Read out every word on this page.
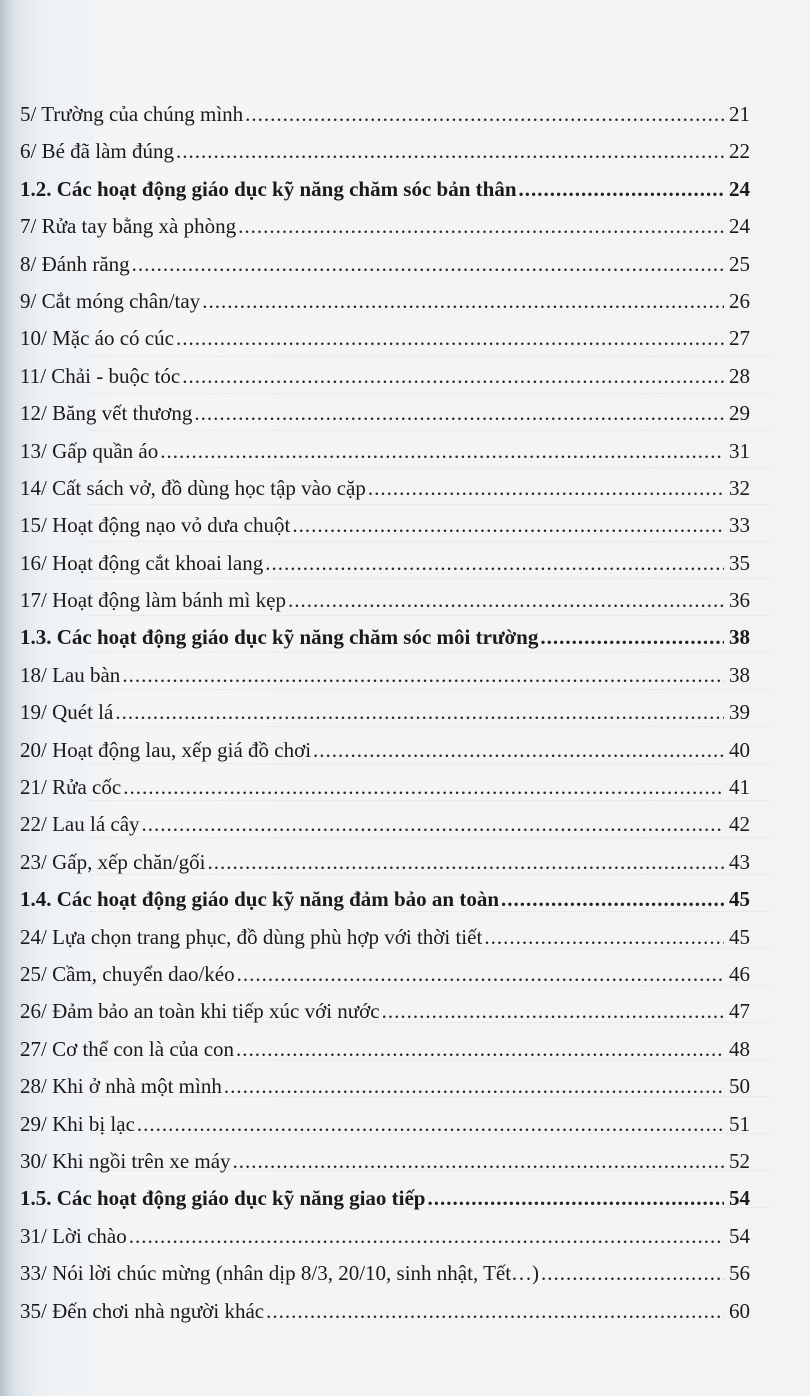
5/ Trường của chúng mình .....	21
6/ Bé đã làm đúng .....	22
1.2. Các hoạt động giáo dục kỹ năng chăm sóc bản thân .....	24
7/ Rửa tay bằng xà phòng .....	24
8/ Đánh răng .....	25
9/ Cắt móng chân/tay .....	26
10/ Mặc áo có cúc .....	27
11/ Chải - buộc tóc .....	28
12/ Băng vết thương .....	29
13/ Gấp quần áo .....	31
14/ Cất sách vở, đồ dùng học tập vào cặp .....	32
15/ Hoạt động nạo vỏ dưa chuột .....	33
16/ Hoạt động cắt khoai lang .....	35
17/ Hoạt động làm bánh mì kẹp .....	36
1.3. Các hoạt động giáo dục kỹ năng chăm sóc môi trường .....	38
18/ Lau bàn .....	38
19/ Quét lá .....	39
20/ Hoạt động lau, xếp giá đồ chơi .....	40
21/ Rửa cốc .....	41
22/ Lau lá cây .....	42
23/ Gấp, xếp chăn/gối .....	43
1.4. Các hoạt động giáo dục kỹ năng đảm bảo an toàn .....	45
24/ Lựa chọn trang phục, đồ dùng phù hợp với thời tiết .....	45
25/ Cầm, chuyển dao/kéo .....	46
26/ Đảm bảo an toàn khi tiếp xúc với nước .....	47
27/ Cơ thể con là của con .....	48
28/ Khi ở nhà một mình .....	50
29/ Khi bị lạc .....	51
30/ Khi ngồi trên xe máy .....	52
1.5. Các hoạt động giáo dục kỹ năng giao tiếp .....	54
31/ Lời chào .....	54
33/ Nói lời chúc mừng (nhân dịp 8/3, 20/10, sinh nhật, Tết…) .....	56
35/ Đến chơi nhà người khác .....	60
